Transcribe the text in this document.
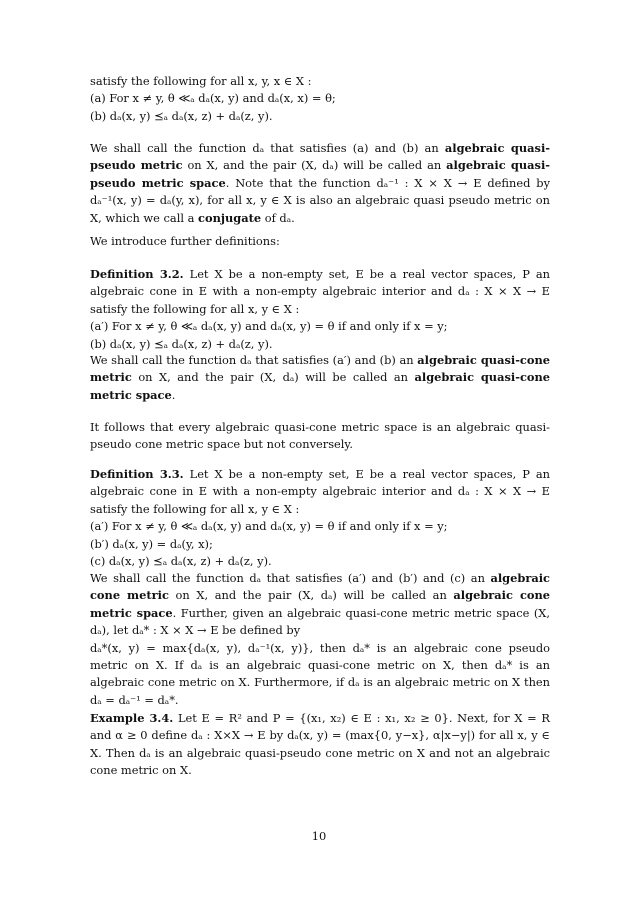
satisfy the following for all x, y, x ∈ X :

(a) For x ≠ y, θ ≪ₐ dₐ(x, y) and dₐ(x, x) = θ;

(b) dₐ(x, y) ⪯ₐ dₐ(x, z) + dₐ(z, y).

We shall call the function dₐ that satisfies (a) and (b) an algebraic quasi-pseudo metric on X, and the pair (X, dₐ) will be called an algebraic quasi-pseudo metric space. Note that the function dₐ⁻¹ : X × X → E defined by dₐ⁻¹(x, y) = dₐ(y, x), for all x, y ∈ X is also an algebraic quasi pseudo metric on X, which we call a conjugate of dₐ.

We introduce further definitions:

Definition 3.2. Let X be a non-empty set, E be a real vector spaces, P an algebraic cone in E with a non-empty algebraic interior and dₐ : X × X → E satisfy the following for all x, y ∈ X :

(a′) For x ≠ y, θ ≪ₐ dₐ(x, y) and dₐ(x, y) = θ if and only if x = y;

(b) dₐ(x, y) ⪯ₐ dₐ(x, z) + dₐ(z, y).

We shall call the function dₐ that satisfies (a′) and (b) an algebraic quasi-cone metric on X, and the pair (X, dₐ) will be called an algebraic quasi-cone metric space.

It follows that every algebraic quasi-cone metric space is an algebraic quasi-pseudo cone metric space but not conversely.

Definition 3.3. Let X be a non-empty set, E be a real vector spaces, P an algebraic cone in E with a non-empty algebraic interior and dₐ : X × X → E satisfy the following for all x, y ∈ X :

(a′) For x ≠ y, θ ≪ₐ dₐ(x, y) and dₐ(x, y) = θ if and only if x = y;

(b′) dₐ(x, y) = dₐ(y, x);

(c) dₐ(x, y) ⪯ₐ dₐ(x, z) + dₐ(z, y).

We shall call the function dₐ that satisfies (a′) and (b′) and (c) an algebraic cone metric on X, and the pair (X, dₐ) will be called an algebraic cone metric space. Further, given an algebraic quasi-cone metric metric space (X, dₐ), let dₐ* : X × X → E be defined by

dₐ*(x, y) = max{dₐ(x, y), dₐ⁻¹(x, y)}, then dₐ* is an algebraic cone pseudo metric on X. If dₐ is an algebraic quasi-cone metric on X, then dₐ* is an algebraic cone metric on X. Furthermore, if dₐ is an algebraic metric on X then dₐ = dₐ⁻¹ = dₐ*.

Example 3.4. Let E = R² and P = {(x₁, x₂) ∈ E : x₁, x₂ ≥ 0}. Next, for X = R and α ≥ 0 define dₐ : X×X → E by dₐ(x, y) = (max{0, y−x}, α|x−y|) for all x, y ∈ X. Then dₐ is an algebraic quasi-pseudo cone metric on X and not an algebraic cone metric on X.

10
